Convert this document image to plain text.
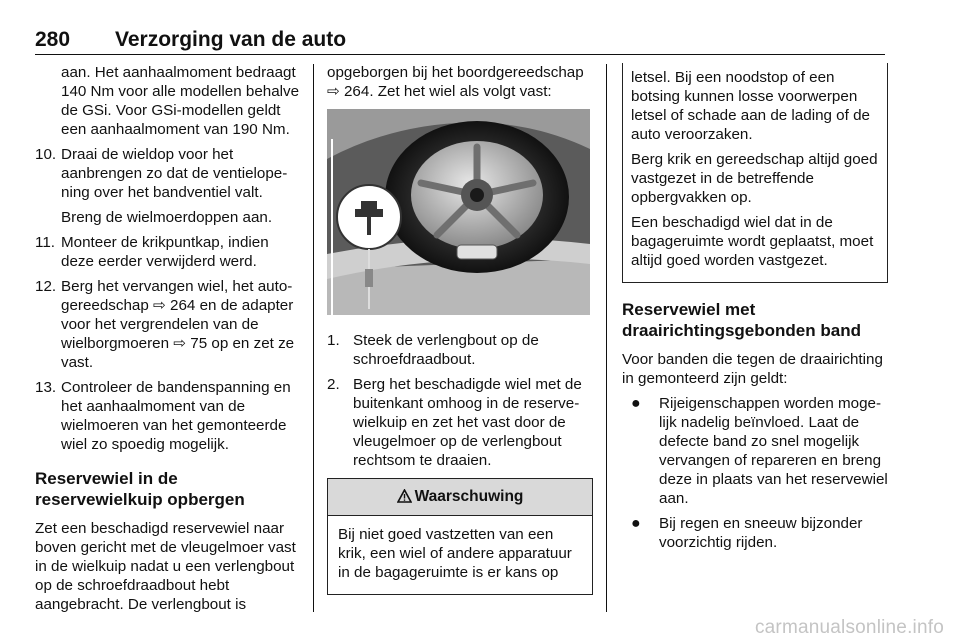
280 Verzorging van de auto

aan. Het aanhaalmoment bedraagt 140 Nm voor alle modellen behalve de GSi. Voor GSi-modellen geldt een aanhaalmoment van 190 Nm.

10. Draai de wieldop voor het aanbrengen zo dat de ventielopening over het bandventiel valt.

Breng de wielmoerdoppen aan.

11. Monteer de krikpuntkap, indien deze eerder verwijderd werd.

12. Berg het vervangen wiel, het autogereedschap ⇨ 264 en de adapter voor het vergrendelen van de wielborgmoeren ⇨ 75 op en zet ze vast.

13. Controleer de bandenspanning en het aanhaalmoment van de wielmoeren van het gemonteerde wiel zo spoedig mogelijk.

Reservewiel in de reservewielkuip opbergen

Zet een beschadigd reservewiel naar boven gericht met de vleugelmoer vast in de wielkuip nadat u een verlengbout op de schroefdraadbout hebt aangebracht. De verlengbout is

opgeborgen bij het boordgereedschap ⇨ 264. Zet het wiel als volgt vast:

1. Steek de verlengbout op de schroefdraadbout.

2. Berg het beschadigde wiel met de buitenkant omhoog in de reservewielkuip en zet het vast door de vleugelmoer op de verlengbout rechtsom te draaien.

Waarschuwing

Bij niet goed vastzetten van een krik, een wiel of andere apparatuur in de bagageruimte is er kans op

letsel. Bij een noodstop of een botsing kunnen losse voorwerpen letsel of schade aan de lading of de auto veroorzaken.

Berg krik en gereedschap altijd goed vastgezet in de betreffende opbergvakken op.

Een beschadigd wiel dat in de bagageruimte wordt geplaatst, moet altijd goed worden vastgezet.

Reservewiel met draairichtingsgebonden band

Voor banden die tegen de draairichting in gemonteerd zijn geldt:

● Rijeigenschappen worden mogelijk nadelig beïnvloed. Laat de defecte band zo snel mogelijk vervangen of repareren en breng deze in plaats van het reservewiel aan.

● Bij regen en sneeuw bijzonder voorzichtig rijden.

carmanualsonline.info
